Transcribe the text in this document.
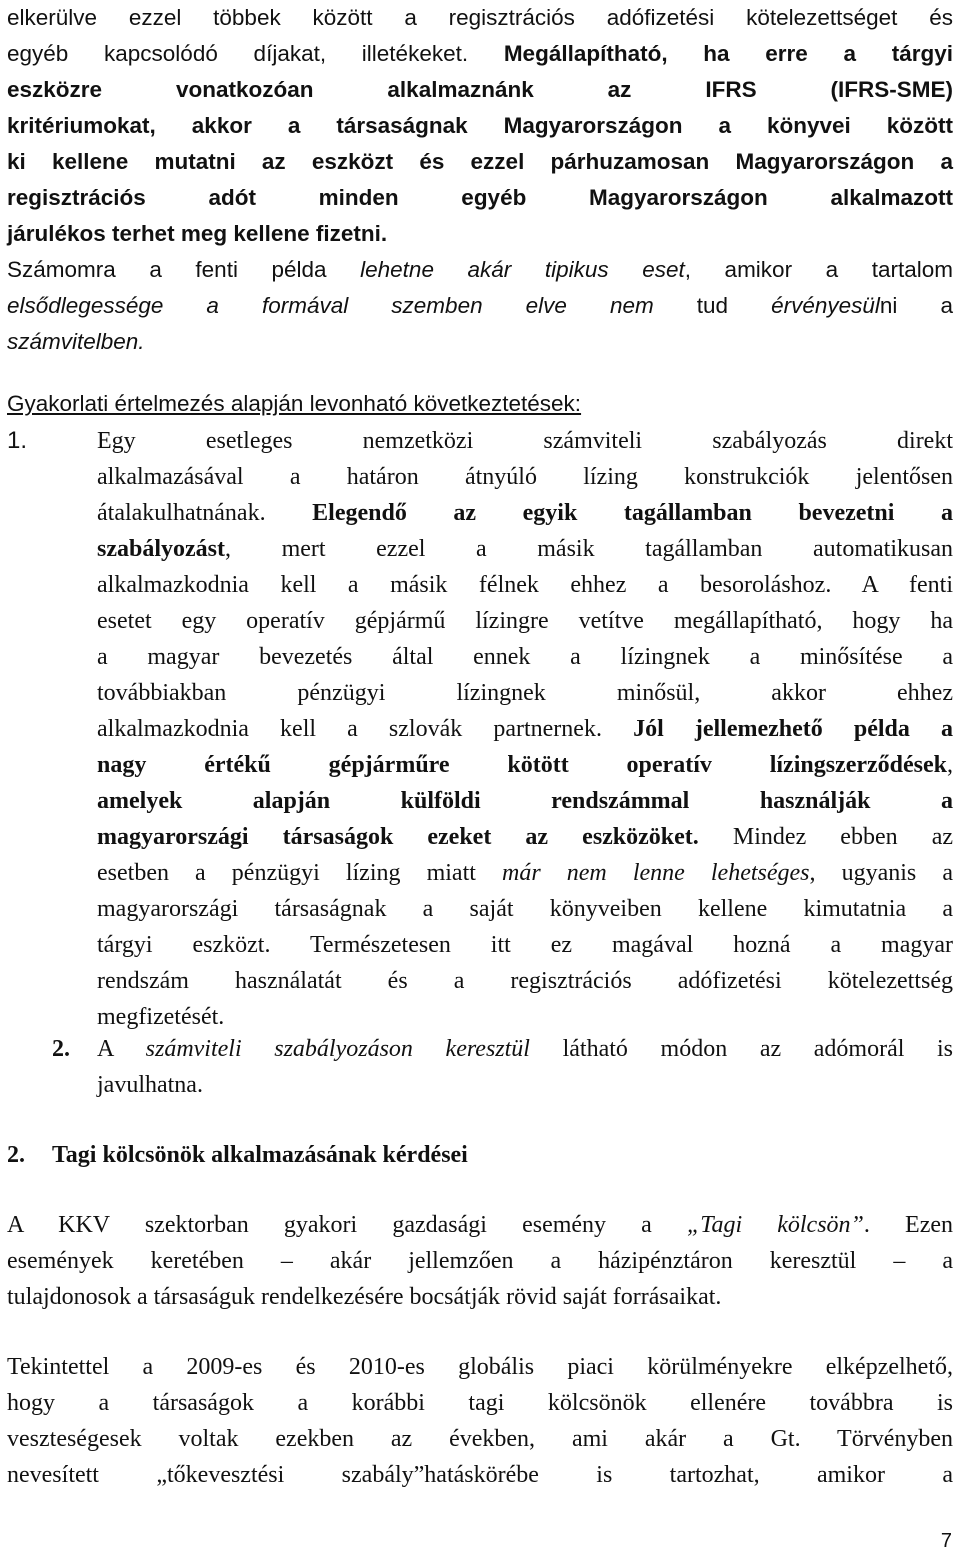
elkerülve ezzel többek között a regisztrációs adófizetési kötelezettséget és
egyéb kapcsolódó díjakat, illetékeket. Megállapítható, ha erre a tárgyi
eszközre vonatkozóan alkalmaznánk az IFRS (IFRS-SME)
kritériumokat, akkor a társaságnak Magyarországon a könyvei között
ki kellene mutatni az eszközt és ezzel párhuzamosan Magyarországon a
regisztrációs adót minden egyéb Magyarországon alkalmazott
járulékos terhet meg kellene fizetni.
Számomra a fenti példa lehetne akár tipikus eset, amikor a tartalom
elsődlegessége a formával szemben elve nem tud érvényesülni a
számvitelben.
Gyakorlati értelmezés alapján levonható következtetések:
1.	Egy esetleges nemzetközi számviteli szabályozás direkt
alkalmazásával a határon átnyúló lízing konstrukciók jelentősen
átalakulhatnának. Elegendő az egyik tagállamban bevezetni a
szabályozást, mert ezzel a másik tagállamban automatikusan
alkalmazkodnia kell a másik félnek ehhez a besoroláshoz. A fenti
esetet egy operatív gépjármű lízingre vetítve megállapítható, hogy ha
a magyar bevezetés által ennek a lízingnek a minősítése a
továbbiakban pénzügyi lízingnek minősül, akkor ehhez
alkalmazkodnia kell a szlovák partnernek. Jól jellemezhető példa a
nagy értékű gépjárműre kötött operatív lízingszerződések,
amelyek alapján külföldi rendszámmal használják a
magyarországi társaságok ezeket az eszközöket. Mindez ebben az
esetben a pénzügyi lízing miatt már nem lenne lehetséges, ugyanis a
magyarországi társaságnak a saját könyveiben kellene kimutatnia a
tárgyi eszközt. Természetesen itt ez magával hozná a magyar
rendszám használatát és a regisztrációs adófizetési kötelezettség
megfizetését.
2. A számviteli szabályozáson keresztül látható módon az adómorál is
javulhatna.
2. Tagi kölcsönök alkalmazásának kérdései
A KKV szektorban gyakori gazdasági esemény a „Tagi kölcsön”. Ezen
események keretében – akár jellemzően a házipénztáron keresztül – a
tulajdonosok a társaságuk rendelkezésére bocsátják rövid saját forrásaikat.
Tekintettel a 2009-es és 2010-es globális piaci körülményekre elképzelhető,
hogy a társaságok a korábbi tagi kölcsönök ellenére továbbra is
veszteségesek voltak ezekben az években, ami akár a Gt. Törvényben
nevesített „tőkevesztési szabály”hatáskörébe is tartozhat, amikor a
7
